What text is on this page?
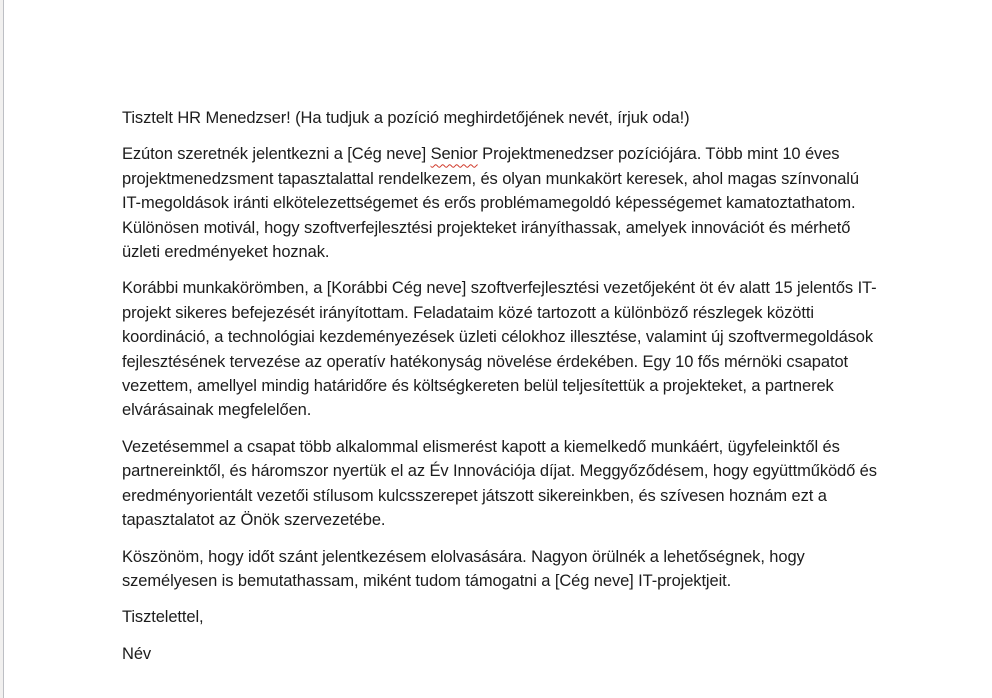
Tisztelt HR Menedzser! (Ha tudjuk a pozíció meghirdetőjének nevét, írjuk oda!)

Ezúton szeretnék jelentkezni a [Cég neve] Senior Projektmenedzser pozíciójára. Több mint 10 éves projektmenedzsment tapasztalattal rendelkezem, és olyan munkakört keresek, ahol magas színvonalú IT-megoldások iránti elkötelezettségemet és erős problémamegoldó képességemet kamatoztathatom. Különösen motivál, hogy szoftverfejlesztési projekteket irányíthassak, amelyek innovációt és mérhető üzleti eredményeket hoznak.

Korábbi munkakörömben, a [Korábbi Cég neve] szoftverfejlesztési vezetőjeként öt év alatt 15 jelentős IT-projekt sikeres befejezését irányítottam. Feladataim közé tartozott a különböző részlegek közötti koordináció, a technológiai kezdeményezések üzleti célokhoz illesztése, valamint új szoftvermegoldások fejlesztésének tervezése az operatív hatékonyság növelése érdekében. Egy 10 fős mérnöki csapatot vezettem, amellyel mindig határidőre és költségkereten belül teljesítettük a projekteket, a partnerek elvárásainak megfelelően.

Vezetésemmel a csapat több alkalommal elismerést kapott a kiemelkedő munkáért, ügyfeleinktől és partnereinktől, és háromszor nyertük el az Év Innovációja díjat. Meggyőződésem, hogy együttműködő és eredményorientált vezetői stílusom kulcsszerepet játszott sikereinkben, és szívesen hoznám ezt a tapasztalatot az Önök szervezetébe.

Köszönöm, hogy időt szánt jelentkezésem elolvasására. Nagyon örülnék a lehetőségnek, hogy személyesen is bemutathassam, miként tudom támogatni a [Cég neve] IT-projektjeit.

Tisztelettel,

Név
